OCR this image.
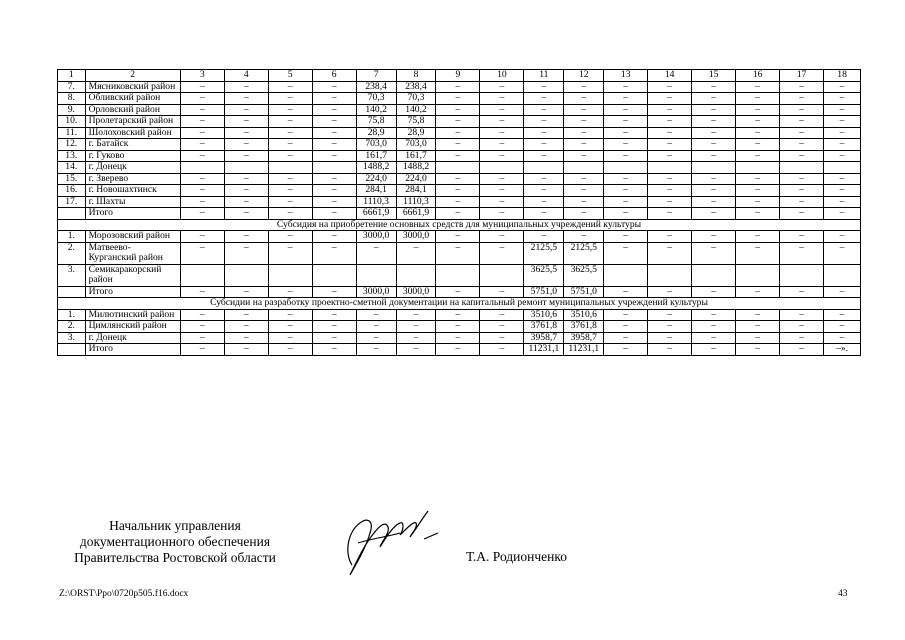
1	2	3	4	5	6	7	8	9	10	11	12	13	14	15	16	17	18
7.	Мясниковский район	–	–	–	–	238,4	238,4	–	–	–	–	–	–	–	–	–	–
8.	Обливский район	–	–	–	–	70,3	70,3	–	–	–	–	–	–	–	–	–	–
9.	Орловский район	–	–	–	–	140,2	140,2	–	–	–	–	–	–	–	–	–	–
10.	Пролетарский район	–	–	–	–	75,8	75,8	–	–	–	–	–	–	–	–	–	–
11.	Шолоховский район	–	–	–	–	28,9	28,9	–	–	–	–	–	–	–	–	–	–
12.	г. Батайск	–	–	–	–	703,0	703,0	–	–	–	–	–	–	–	–	–	–
13.	г. Гуково	–	–	–	–	161,7	161,7	–	–	–	–	–	–	–	–	–	–
14.	г. Донецк					1488,2	1488,2										
15.	г. Зверево	–	–	–	–	224,0	224,0	–	–	–	–	–	–	–	–	–	–
16.	г. Новошахтинск	–	–	–	–	284,1	284,1	–	–	–	–	–	–	–	–	–	–
17.	г. Шахты	–	–	–	–	1110,3	1110,3	–	–	–	–	–	–	–	–	–	–
	Итого	–	–	–	–	6661,9	6661,9	–	–	–	–	–	–	–	–	–	–
Субсидия на приобретение основных средств для муниципальных учреждений культуры																	
1.	Морозовский район	–	–	–	–	3000,0	3000,0	–	–	–	–	–	–	–	–	–	–
2.	Матвеево-Курганский район	–	–	–	–	–	–	–	–	2125,5	2125,5	–	–	–	–	–	–
3.	Семикаракорский район									3625,5	3625,5						
	Итого	–	–	–	–	3000,0	3000,0	–	–	5751,0	5751,0	–	–	–	–	–	–
Субсидии на разработку проектно-сметной документации на капитальный ремонт муниципальных учреждений культуры																	
1.	Милютинский район	–	–	–	–	–	–	–	–	3510,6	3510,6	–	–	–	–	–	–
2.	Цимлянский район	–	–	–	–	–	–	–	–	3761,8	3761,8	–	–	–	–	–	–
3.	г. Донецк	–	–	–	–	–	–	–	–	3958,7	3958,7	–	–	–	–	–	–
	Итого	–	–	–	–	–	–	–	–	11231,1	11231,1	–	–	–	–	–	–».
Начальник управления
документационного обеспечения
Правительства Ростовской области	Т.А. Родионченко
Z:\ORST\Ppo\0720p505.f16.docx	43
